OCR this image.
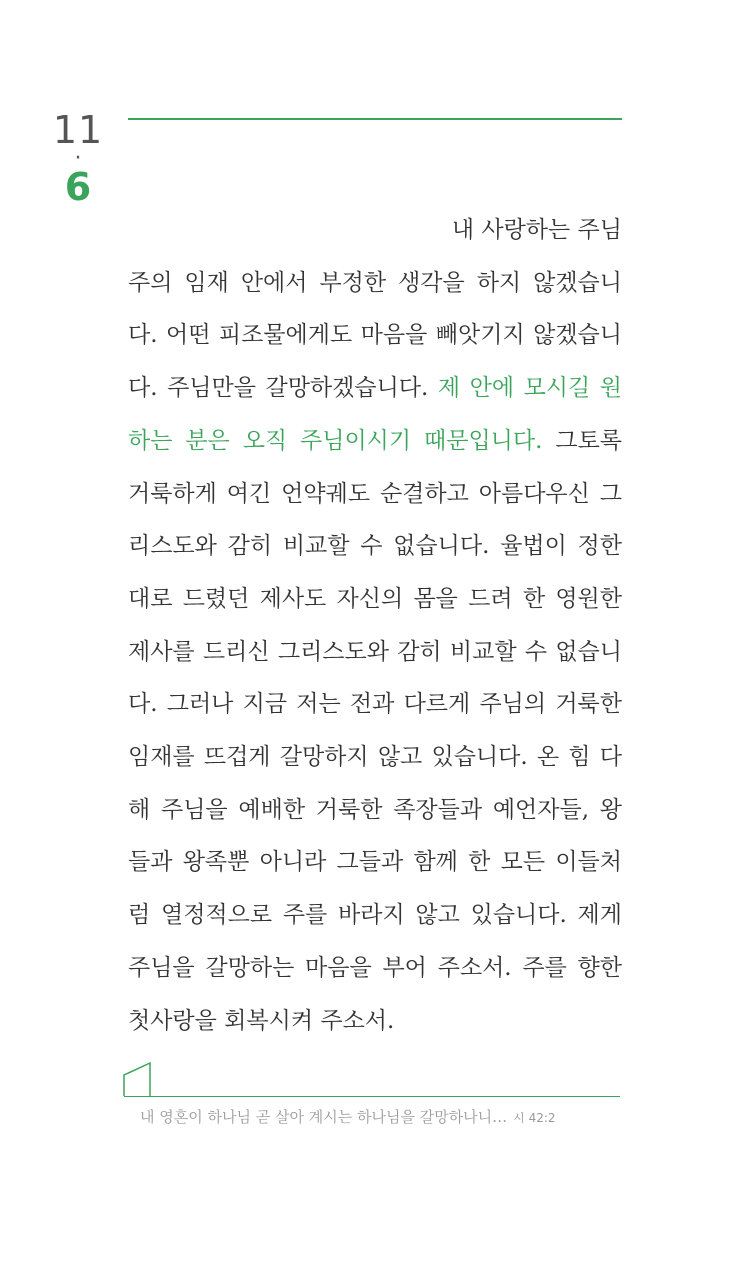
11
·
6
내 사랑하는 주님
주의 임재 안에서 부정한 생각을 하지 않겠습니다. 어떤 피조물에게도 마음을 빼앗기지 않겠습니다. 주님만을 갈망하겠습니다. 제 안에 모시길 원하는 분은 오직 주님이시기 때문입니다. 그토록 거룩하게 여긴 언약궤도 순결하고 아름다우신 그리스도와 감히 비교할 수 없습니다. 율법이 정한 대로 드렸던 제사도 자신의 몸을 드려 한 영원한 제사를 드리신 그리스도와 감히 비교할 수 없습니다. 그러나 지금 저는 전과 다르게 주님의 거룩한 임재를 뜨겁게 갈망하지 않고 있습니다. 온 힘 다해 주님을 예배한 거룩한 족장들과 예언자들, 왕들과 왕족뿐 아니라 그들과 함께 한 모든 이들처럼 열정적으로 주를 바라지 않고 있습니다. 제게 주님을 갈망하는 마음을 부어 주소서. 주를 향한 첫사랑을 회복시켜 주소서.
내 영혼이 하나님 곧 살아 계시는 하나님을 갈망하나니… 시 42:2
